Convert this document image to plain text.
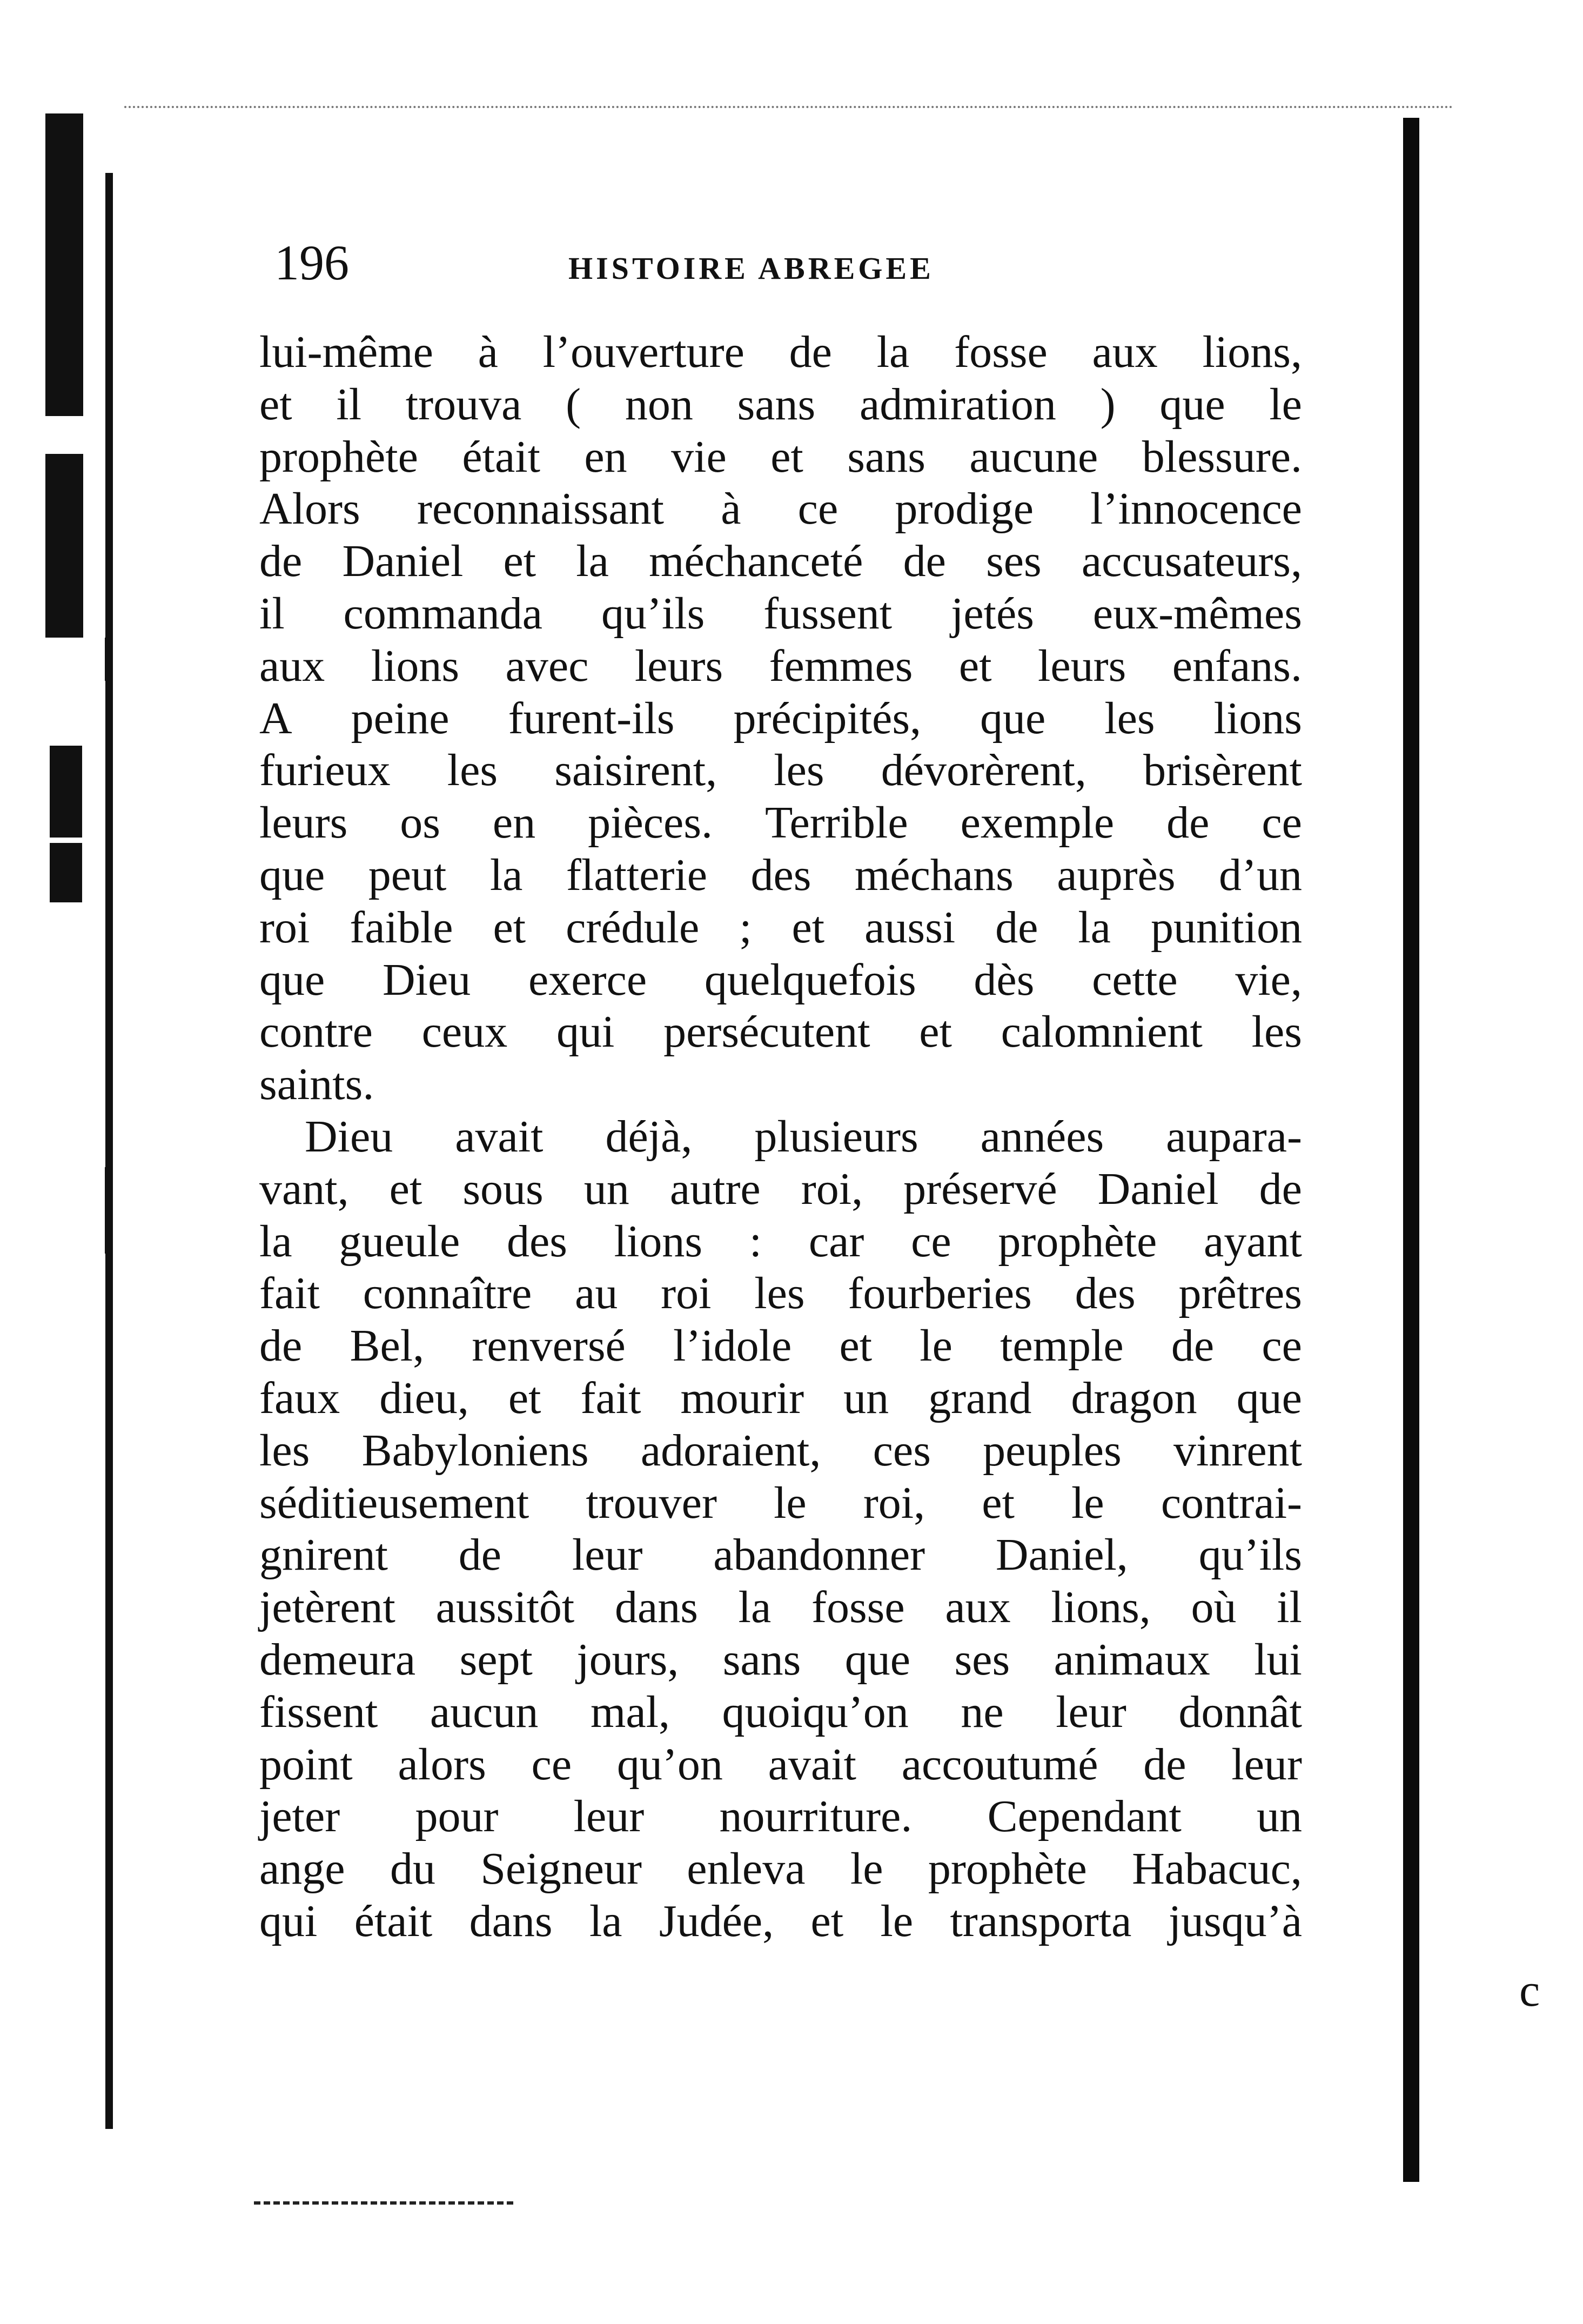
c
196	HISTOIRE ABREGEE
lui-même à l’ouverture de la fosse aux lions,
et il trouva ( non sans admiration ) que le
prophète était en vie et sans aucune blessure.
Alors reconnaissant à ce prodige l’innocence
de Daniel et la méchanceté de ses accusateurs,
il commanda qu’ils fussent jetés eux-mêmes
aux lions avec leurs femmes et leurs enfans.
A peine furent-ils précipités, que les lions
furieux les saisirent, les dévorèrent, brisèrent
leurs os en pièces. Terrible exemple de ce
que peut la flatterie des méchans auprès d’un
roi faible et crédule ; et aussi de la punition
que Dieu exerce quelquefois dès cette vie,
contre ceux qui persécutent et calomnient les
saints.
Dieu avait déjà, plusieurs années aupara-
vant, et sous un autre roi, préservé Daniel de
la gueule des lions : car ce prophète ayant
fait connaître au roi les fourberies des prêtres
de Bel, renversé l’idole et le temple de ce
faux dieu, et fait mourir un grand dragon que
les Babyloniens adoraient, ces peuples vinrent
séditieusement trouver le roi, et le contrai-
gnirent de leur abandonner Daniel, qu’ils
jetèrent aussitôt dans la fosse aux lions, où il
demeura sept jours, sans que ses animaux lui
fissent aucun mal, quoiqu’on ne leur donnât
point alors ce qu’on avait accoutumé de leur
jeter pour leur nourriture. Cependant un
ange du Seigneur enleva le prophète Habacuc,
qui était dans la Judée, et le transporta jusqu’à
